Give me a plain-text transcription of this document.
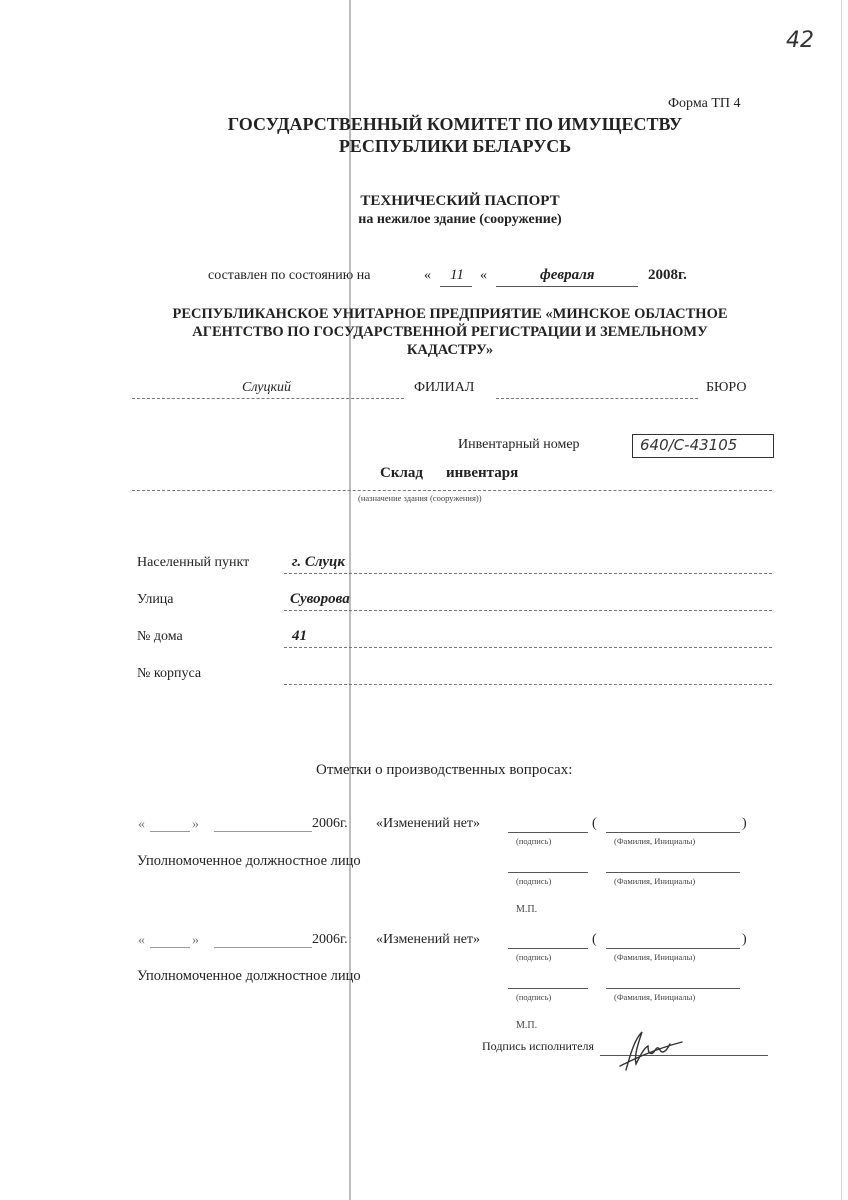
42
Форма ТП 4
ГОСУДАРСТВЕННЫЙ КОМИТЕТ ПО ИМУЩЕСТВУ
РЕСПУБЛИКИ БЕЛАРУСЬ
ТЕХНИЧЕСКИЙ ПАСПОРТ
на нежилое здание (сооружение)
составлен по состоянию на	« 11 «	февраля	2008г.
РЕСПУБЛИКАНСКОЕ УНИТАРНОЕ ПРЕДПРИЯТИЕ «МИНСКОЕ ОБЛАСТНОЕ
АГЕНТСТВО ПО ГОСУДАРСТВЕННОЙ РЕГИСТРАЦИИ И ЗЕМЕЛЬНОМУ
КАДАСТРУ»
Слуцкий	ФИЛИАЛ	БЮРО
Инвентарный номер	640/С-43105
Склад инвентаря
(назначение здания (сооружения))
Населенный пункт	г. Слуцк
Улица	Суворова
№ дома	41
№ корпуса
Отметки о производственных вопросах:
«	»	2006г. «Изменений нет»	(	)
(подпись)	(Фамилия, Инициалы)
Уполномоченное должностное лицо
(подпись)	(Фамилия, Инициалы)
М.П.
«	»	2006г. «Изменений нет»	(	)
(подпись)	(Фамилия, Инициалы)
Уполномоченное должностное лицо
(подпись)	(Фамилия, Инициалы)
М.П.
Подпись исполнителя
